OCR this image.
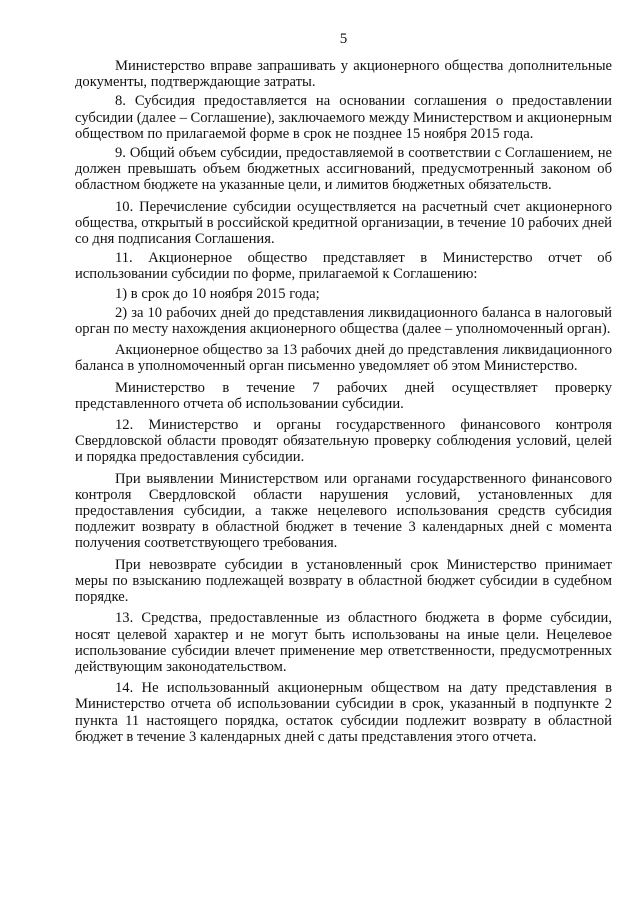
5

Министерство вправе запрашивать у акционерного общества дополнительные документы, подтверждающие затраты.

8. Субсидия предоставляется на основании соглашения о предоставлении субсидии (далее – Соглашение), заключаемого между Министерством и акционерным обществом по прилагаемой форме в срок не позднее 15 ноября 2015 года.

9. Общий объем субсидии, предоставляемой в соответствии с Соглашением, не должен превышать объем бюджетных ассигнований, предусмотренный законом об областном бюджете на указанные цели, и лимитов бюджетных обязательств.

10. Перечисление субсидии осуществляется на расчетный счет акционерного общества, открытый в российской кредитной организации, в течение 10 рабочих дней со дня подписания Соглашения.

11. Акционерное общество представляет в Министерство отчет об использовании субсидии по форме, прилагаемой к Соглашению:

1) в срок до 10 ноября 2015 года;

2) за 10 рабочих дней до представления ликвидационного баланса в налоговый орган по месту нахождения акционерного общества (далее – уполномоченный орган).

Акционерное общество за 13 рабочих дней до представления ликвидационного баланса в уполномоченный орган письменно уведомляет об этом Министерство.

Министерство в течение 7 рабочих дней осуществляет проверку представленного отчета об использовании субсидии.

12. Министерство и органы государственного финансового контроля Свердловской области проводят обязательную проверку соблюдения условий, целей и порядка предоставления субсидии.

При выявлении Министерством или органами государственного финансового контроля Свердловской области нарушения условий, установленных для предоставления субсидии, а также нецелевого использования средств субсидия подлежит возврату в областной бюджет в течение 3 календарных дней с момента получения соответствующего требования.

При невозврате субсидии в установленный срок Министерство принимает меры по взысканию подлежащей возврату в областной бюджет субсидии в судебном порядке.

13. Средства, предоставленные из областного бюджета в форме субсидии, носят целевой характер и не могут быть использованы на иные цели. Нецелевое использование субсидии влечет применение мер ответственности, предусмотренных действующим законодательством.

14. Не использованный акционерным обществом на дату представления в Министерство отчета об использовании субсидии в срок, указанный в подпункте 2 пункта 11 настоящего порядка, остаток субсидии подлежит возврату в областной бюджет в течение 3 календарных дней с даты представления этого отчета.
